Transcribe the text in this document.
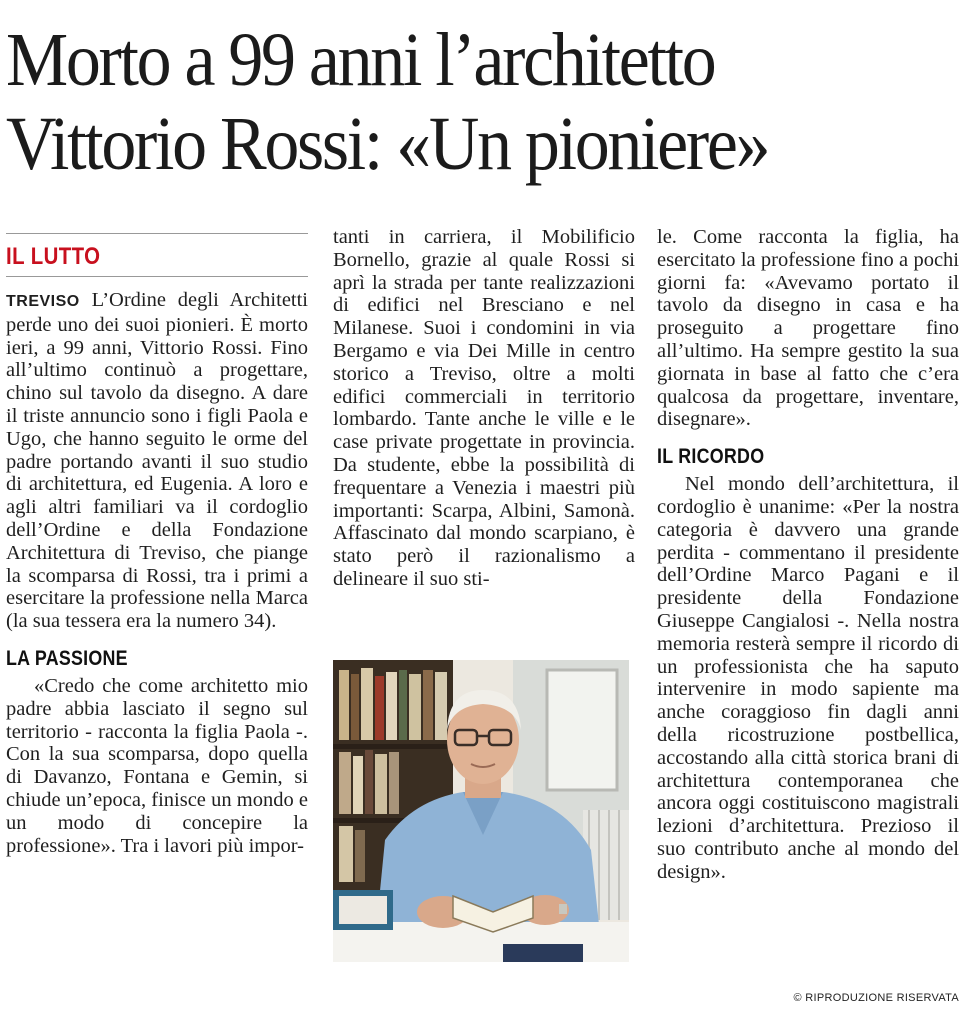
Morto a 99 anni l’architetto
Vittorio Rossi: «Un pioniere»
IL LUTTO

TREVISO L’Ordine degli Architetti perde uno dei suoi pionieri. È morto ieri, a 99 anni, Vittorio Rossi. Fino all’ultimo continuò a progettare, chino sul tavolo da disegno. A dare il triste annuncio sono i figli Paola e Ugo, che hanno seguito le orme del padre portando avanti il suo studio di architettura, ed Eugenia. A loro e agli altri familiari va il cordoglio dell’Ordine e della Fondazione Architettura di Treviso, che piange la scomparsa di Rossi, tra i primi a esercitare la professione nella Marca (la sua tessera era la numero 34).

LA PASSIONE

«Credo che come architetto mio padre abbia lasciato il segno sul territorio - racconta la figlia Paola -. Con la sua scomparsa, dopo quella di Davanzo, Fontana e Gemin, si chiude un’epoca, finisce un mondo e un modo di concepire la professione». Tra i lavori più impor-

tanti in carriera, il Mobilificio Bornello, grazie al quale Rossi si aprì la strada per tante realizzazioni di edifici nel Bresciano e nel Milanese. Suoi i condomini in via Bergamo e via Dei Mille in centro storico a Treviso, oltre a molti edifici commerciali in territorio lombardo. Tante anche le ville e le case private progettate in provincia. Da studente, ebbe la possibilità di frequentare a Venezia i maestri più importanti: Scarpa, Albini, Samonà. Affascinato dal mondo scarpiano, è stato però il razionalismo a delineare il suo sti-

le. Come racconta la figlia, ha esercitato la professione fino a pochi giorni fa: «Avevamo portato il tavolo da disegno in casa e ha proseguito a progettare fino all’ultimo. Ha sempre gestito la sua giornata in base al fatto che c’era qualcosa da progettare, inventare, disegnare».

IL RICORDO

Nel mondo dell’architettura, il cordoglio è unanime: «Per la nostra categoria è davvero una grande perdita - commentano il presidente dell’Ordine Marco Pagani e il presidente della Fondazione Giuseppe Cangialosi -. Nella nostra memoria resterà sempre il ricordo di un professionista che ha saputo intervenire in modo sapiente ma anche coraggioso fin dagli anni della ricostruzione postbellica, accostando alla città storica brani di architettura contemporanea che ancora oggi costituiscono magistrali lezioni d’architettura. Prezioso il suo contributo anche al mondo del design».

© RIPRODUZIONE RISERVATA
